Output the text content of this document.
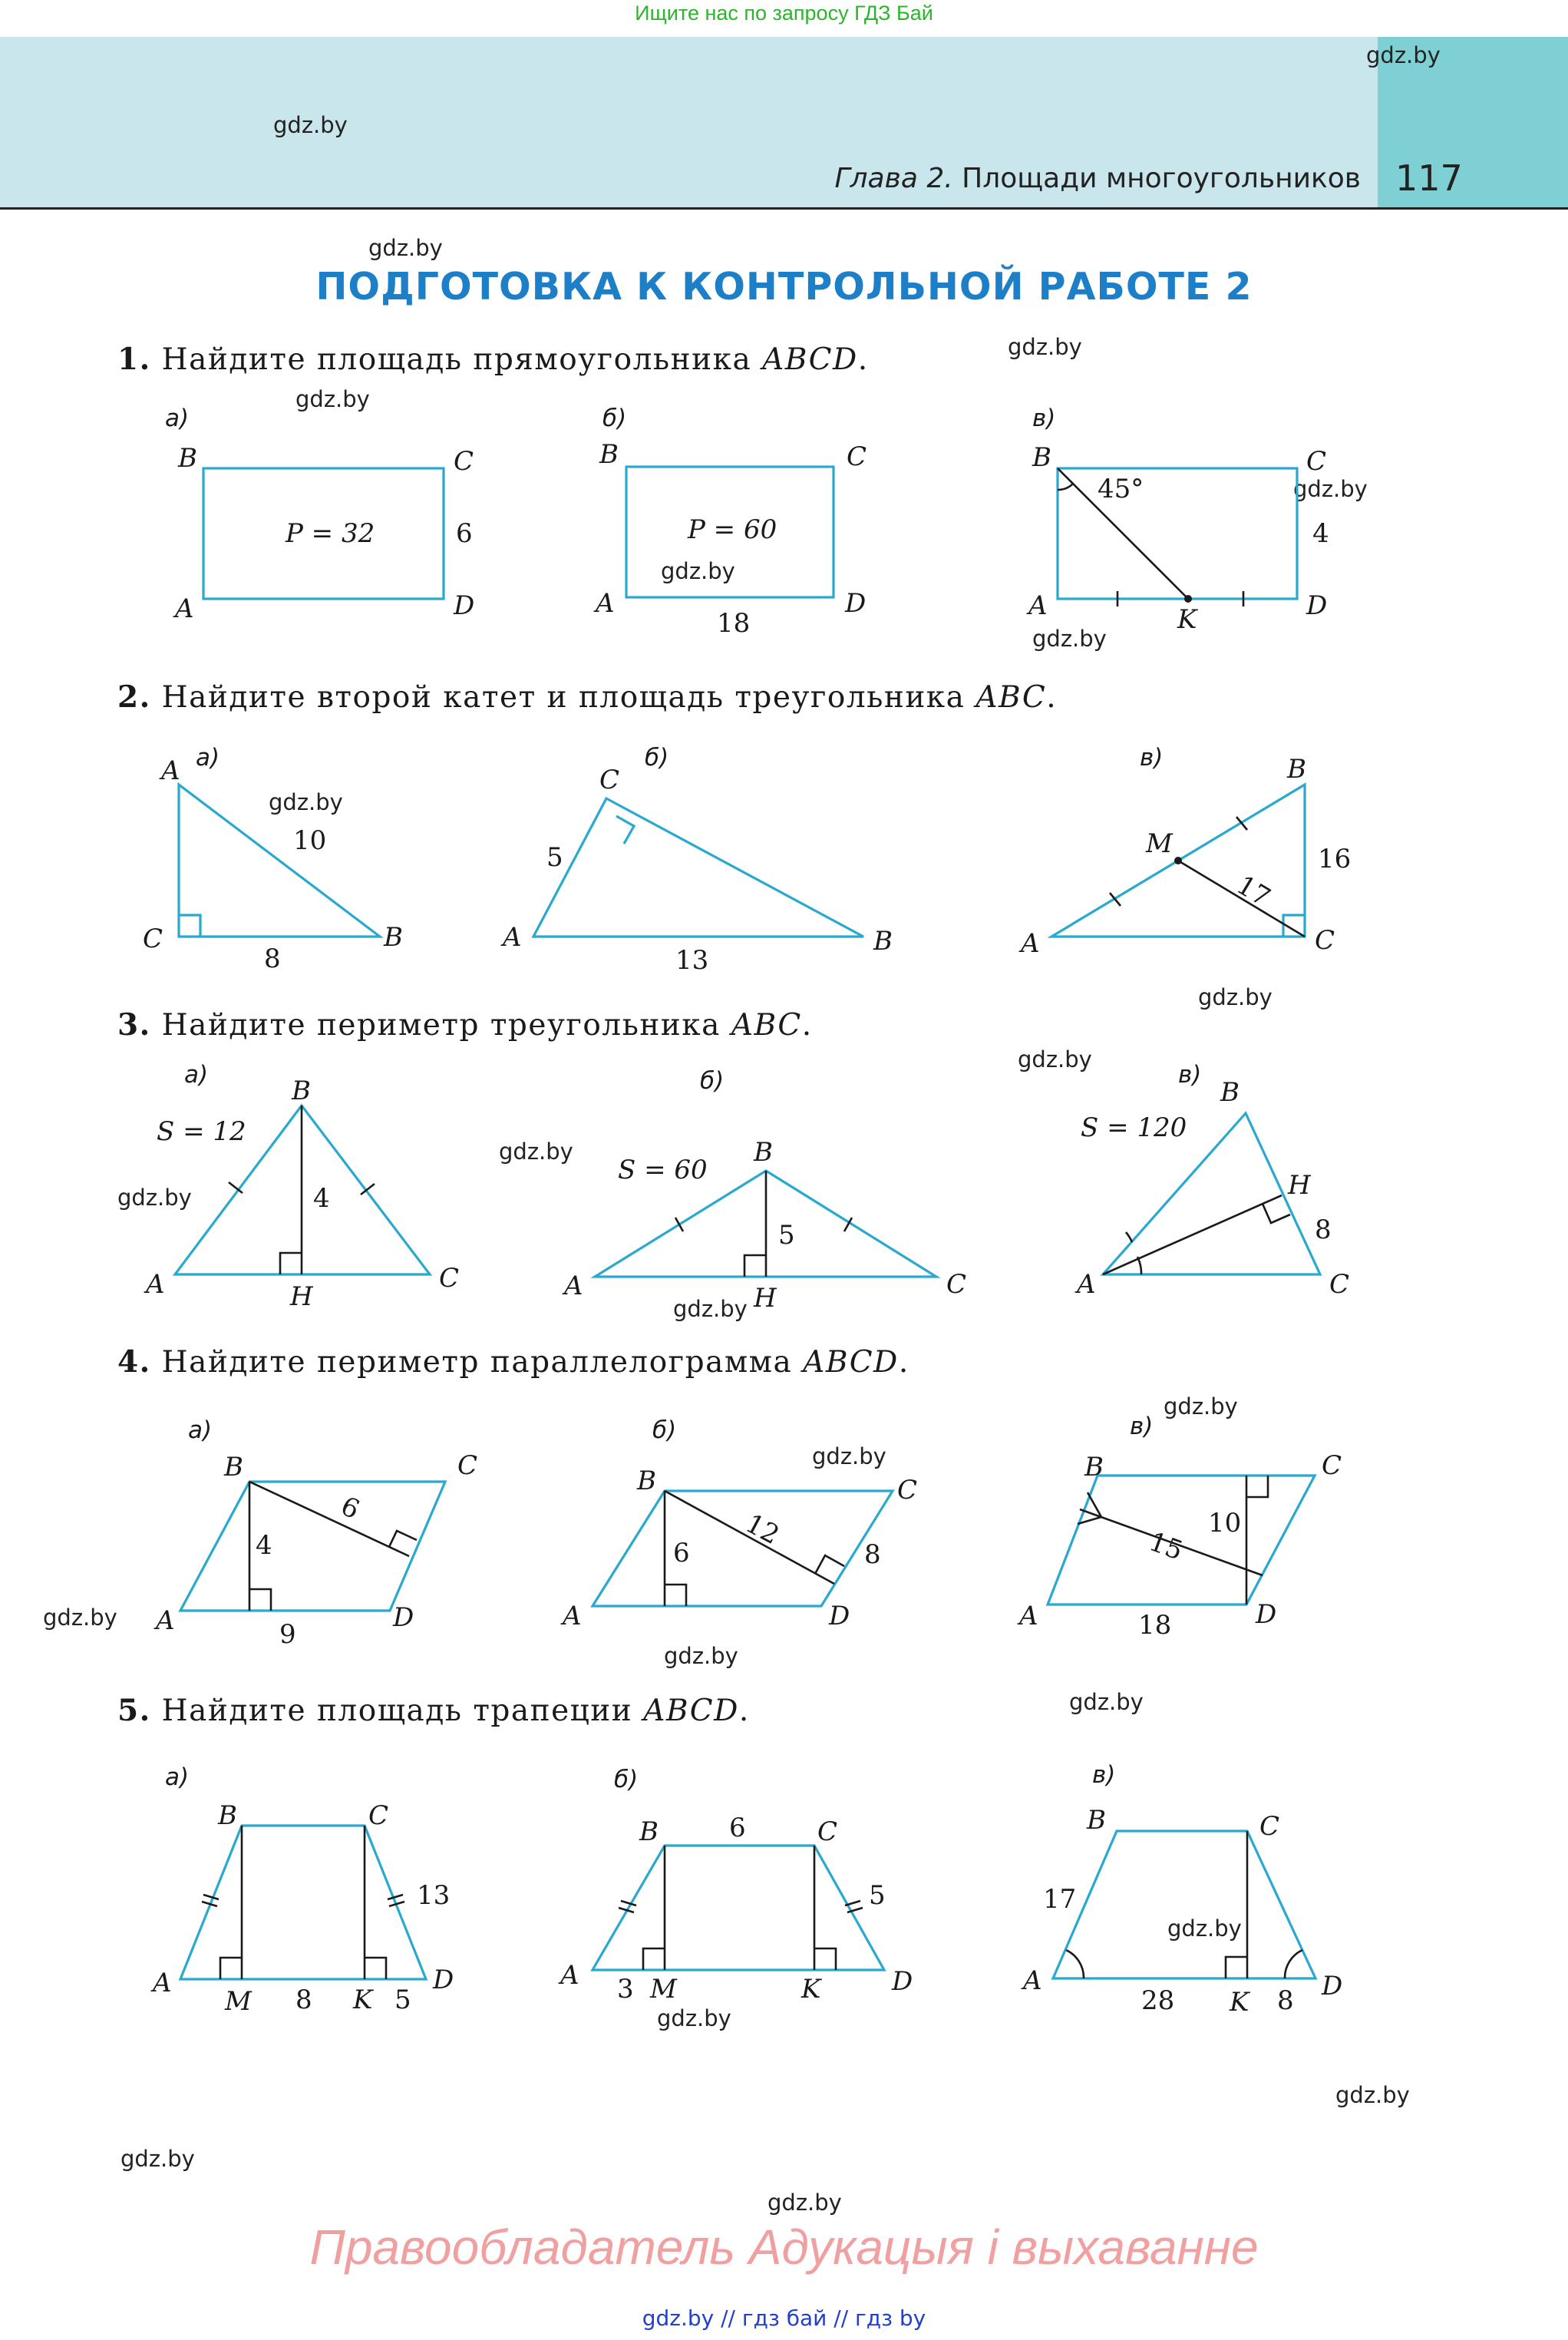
Ищите нас по запросу ГДЗ Бай
Глава 2. Площади многоугольников 117
gdz.by
gdz.by
gdz.by
gdz.by
gdz.by
gdz.by
gdz.by
gdz.by
gdz.by
gdz.by
gdz.by
gdz.by
gdz.by
gdz.by
gdz.by
gdz.by
gdz.by
gdz.by
gdz.by
gdz.by
gdz.by
gdz.by
gdz.by
gdz.by
ПОДГОТОВКА К КОНТРОЛЬНОЙ РАБОТЕ 2
1. Найдите площадь прямоугольника ABCD.
2. Найдите второй катет и площадь треугольника ABC.
3. Найдите периметр треугольника ABC.
4. Найдите периметр параллелограмма ABCD.
5. Найдите площадь трапеции ABCD.
а)
B	C
A	D
P = 32	6
б)
B	C
A	D
P = 60
18
в)
B	C
A	D
K
45°
4
а)
A
C	B
10
8
б)
C
A	B
5
13
в)	B
A	C
M
17
16
а)
B
A	C
H
S = 12
4
б)
B
A	C
H
S = 60
5
в)
B
A	C
H
S = 120
8
а)
B	C
A	D
4
6
9
б)
B	C
A	D
6
12
8
в)
B	C
A	D
15
10
18
а)
B	C
A	D
M	K
8	5
13
б)
B	C
A	D
M	K
6
3
5
в)
B	C
A	D
K
17
28	8
Правообладатель Адукацыя і выхаванне
gdz.by // гдз бай // гдз by
